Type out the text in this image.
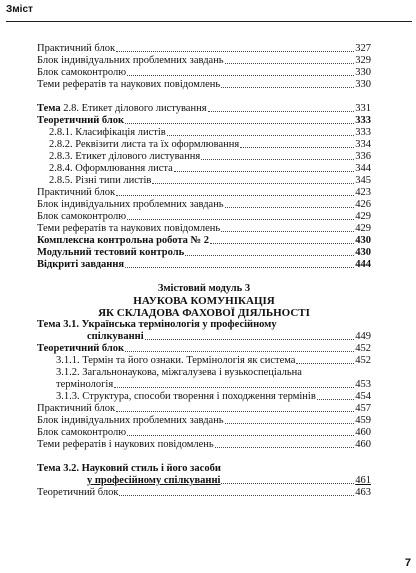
Зміст
Практичний блок	327
Блок індивідуальних проблемних завдань	329
Блок самоконтролю	330
Теми рефератів та наукових повідомлень	330
Тема 2.8. Етикет ділового листування	331
Теоретичний блок	333
2.8.1. Класифікація листів	333
2.8.2. Реквізити листа та їх оформлювання	334
2.8.3. Етикет ділового листування	336
2.8.4. Оформлювання листа	344
2.8.5. Різні типи листів	345
Практичний блок	423
Блок індивідуальних проблемних завдань	426
Блок самоконтролю	429
Теми рефератів та наукових повідомлень	429
Комплексна контрольна робота № 2	430
Модульний тестовий контроль	430
Відкриті завдання	444
Змістовий модуль 3
НАУКОВА КОМУНІКАЦІЯ
ЯК СКЛАДОВА ФАХОВОЇ ДІЯЛЬНОСТІ
Тема 3.1. Українська термінологія у професійному
спілкуванні	449
Теоретичний блок	452
3.1.1. Термін та його ознаки. Термінологія як система	452
3.1.2. Загальнонаукова, міжгалузева і вузькоспеціальна
термінологія	453
3.1.3. Структура, способи творення і походження термінів	454
Практичний блок	457
Блок індивідуальних проблемних завдань	459
Блок самоконтролю	460
Теми рефератів і наукових повідомлень	460
Тема 3.2. Науковий стиль і його засоби
у професійному спілкуванні	461
Теоретичний блок	463
7
